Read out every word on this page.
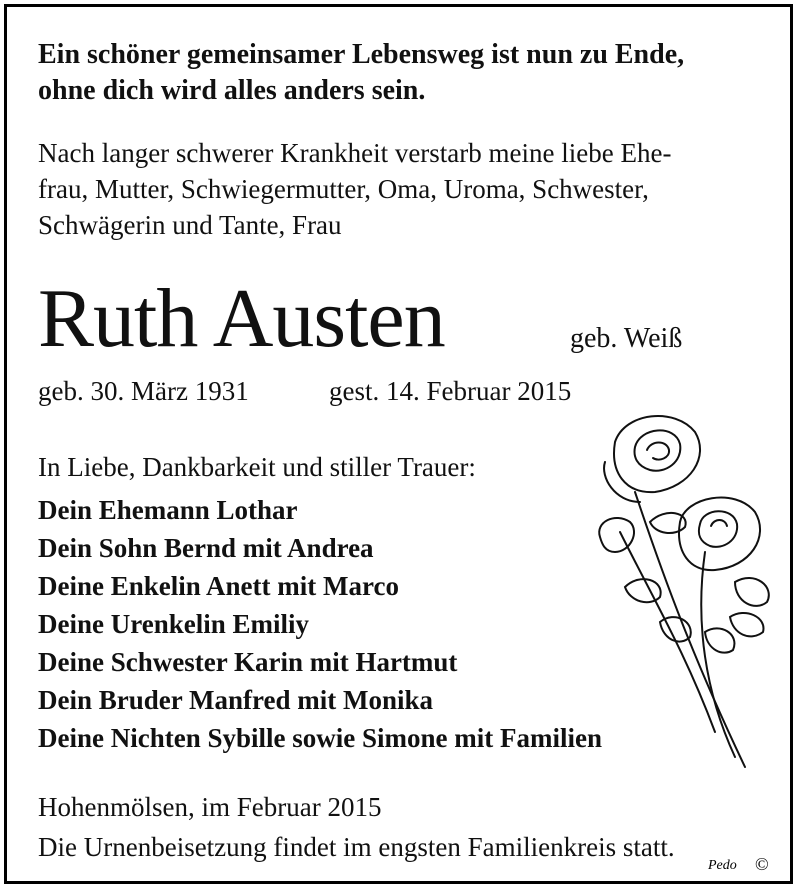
Ein schöner gemeinsamer Lebensweg ist nun zu Ende,

ohne dich wird alles anders sein.

Nach langer schwerer Krankheit verstarb meine liebe Ehe-

frau, Mutter, Schwiegermutter, Oma, Uroma, Schwester,

Schwägerin und Tante, Frau

Ruth Austen	geb. Weiß

geb. 30. März 1931	gest. 14. Februar 2015

In Liebe, Dankbarkeit und stiller Trauer:

Dein Ehemann Lothar

Dein Sohn Bernd mit Andrea

Deine Enkelin Anett mit Marco

Deine Urenkelin Emiliy

Deine Schwester Karin mit Hartmut

Dein Bruder Manfred mit Monika

Deine Nichten Sybille sowie Simone mit Familien

Hohenmölsen, im Februar 2015

Die Urnenbeisetzung findet im engsten Familienkreis statt.

Pedo ©
